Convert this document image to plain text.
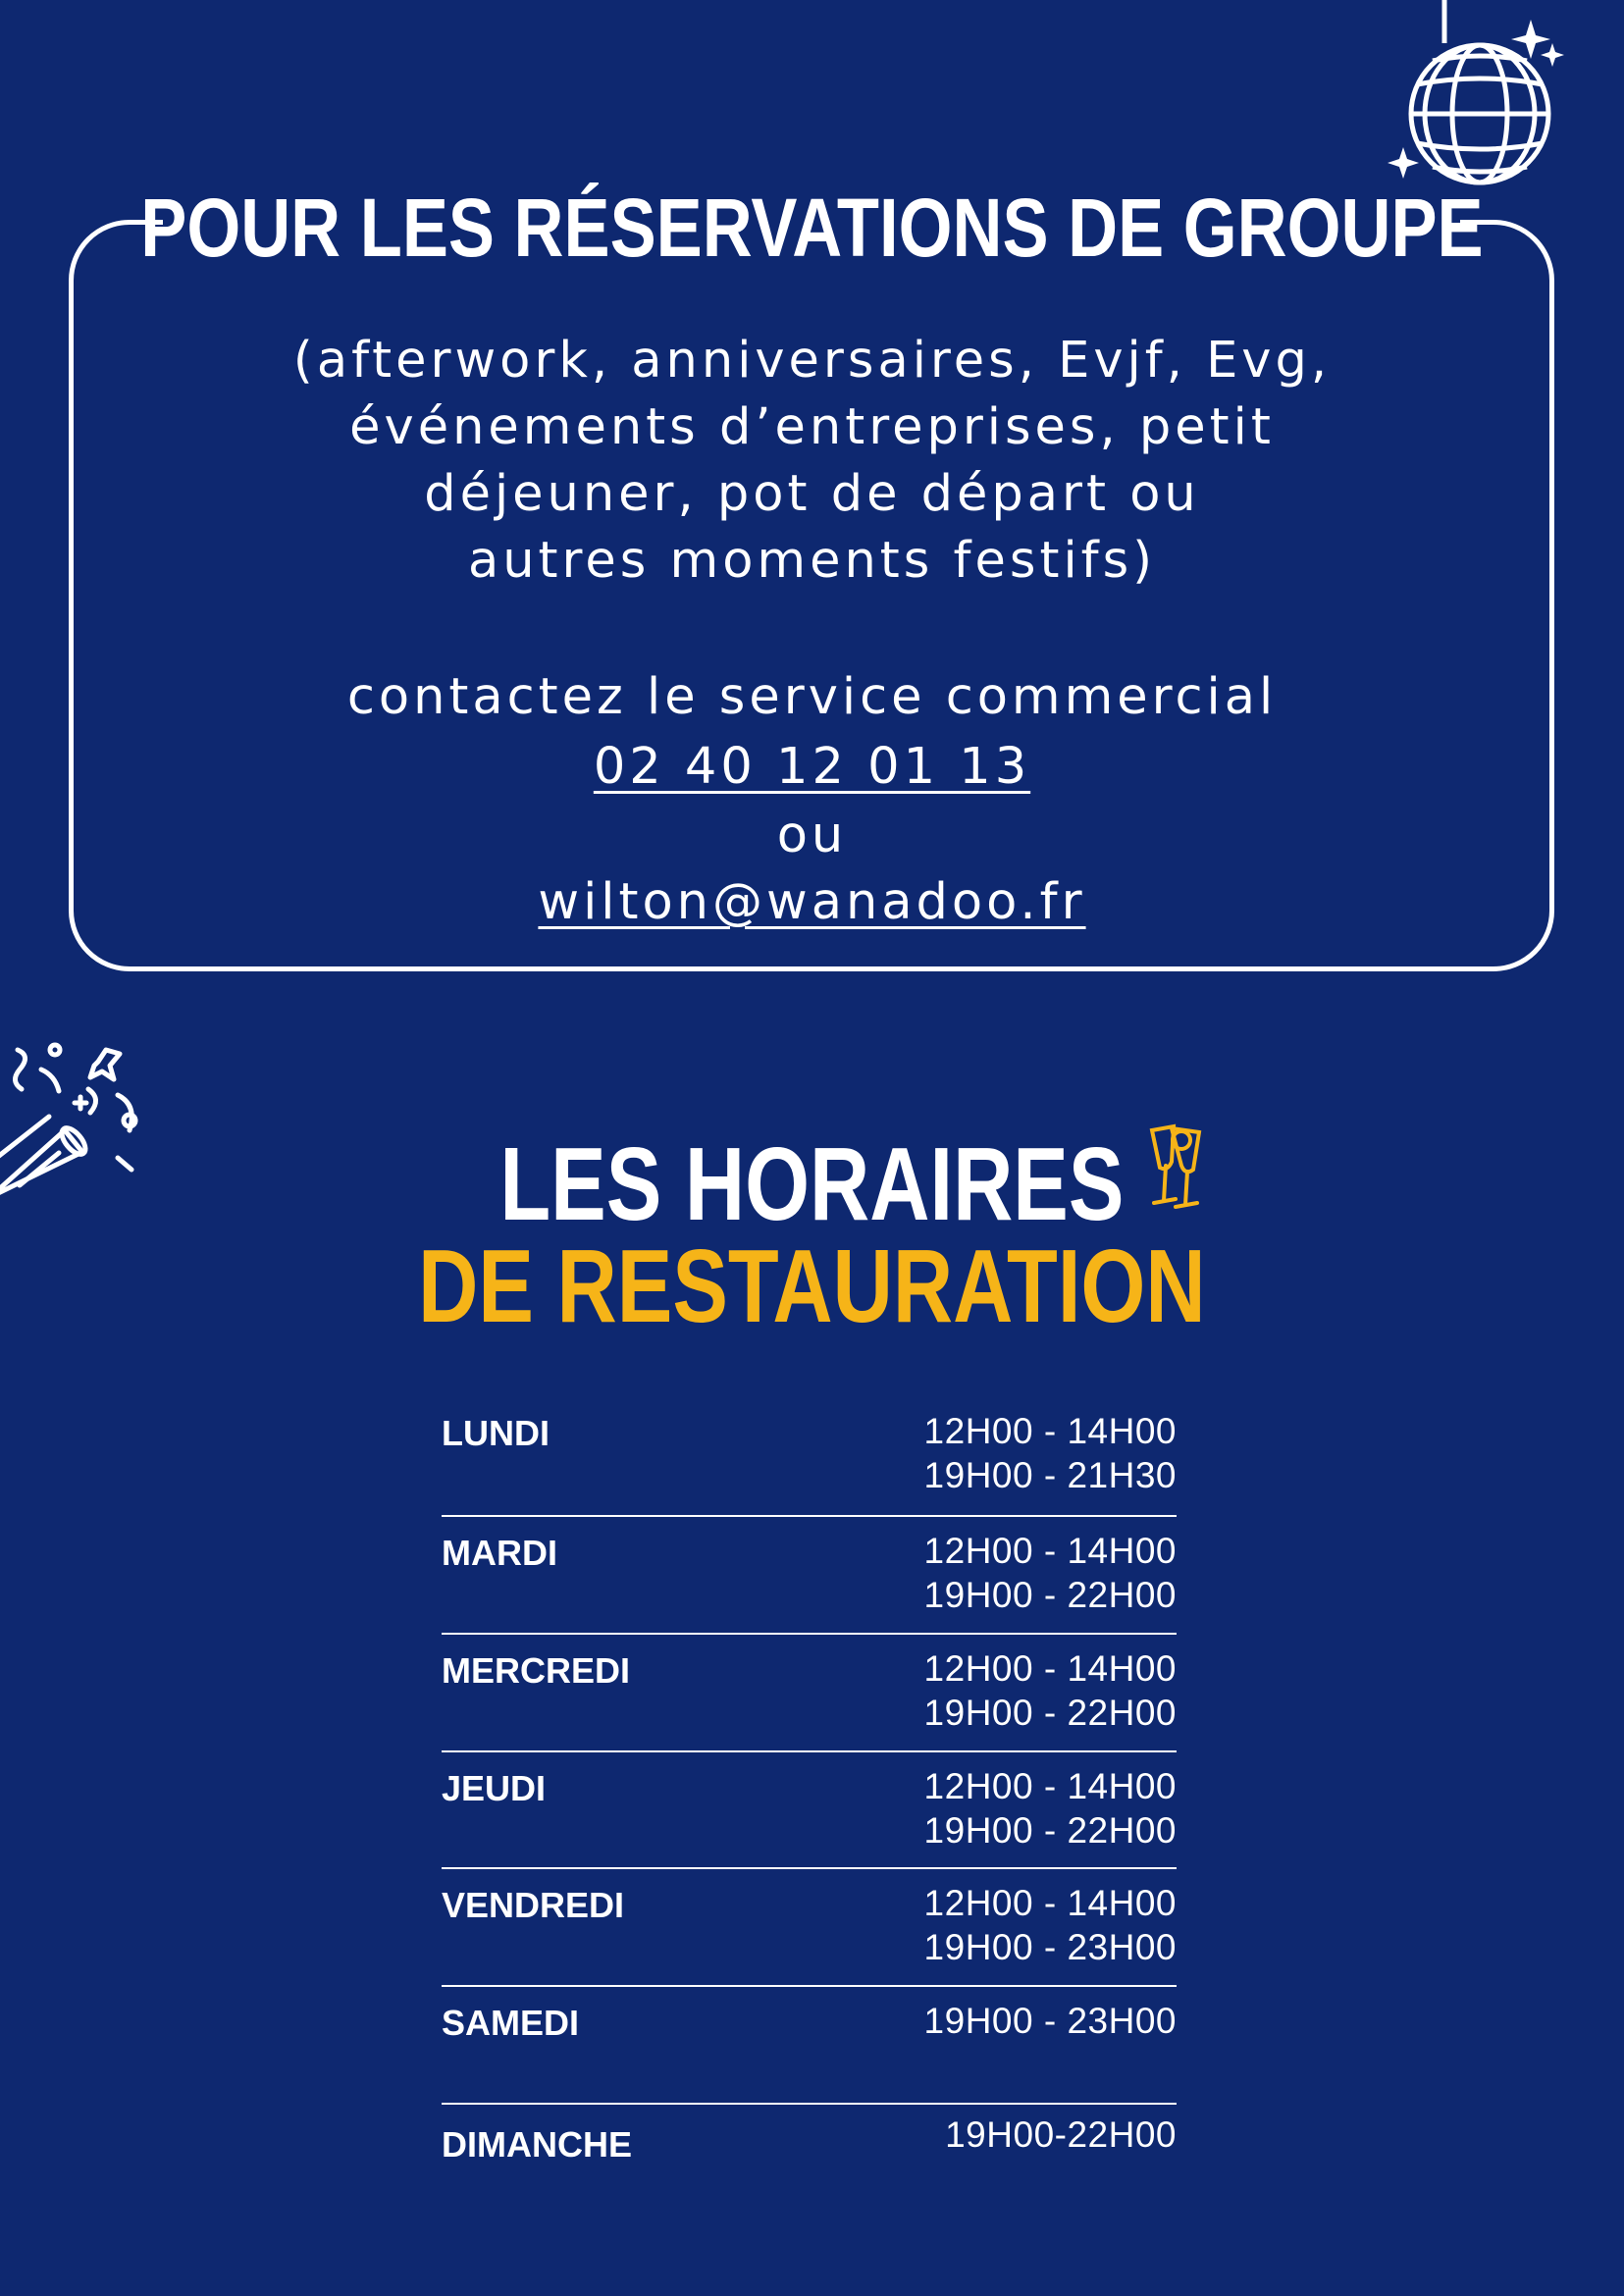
POUR LES RÉSERVATIONS DE GROUPE
(afterwork, anniversaires, Evjf, Evg,
événements d’entreprises, petit
déjeuner, pot de départ ou
autres moments festifs)
contactez le service commercial
02 40 12 01 13
ou
wilton@wanadoo.fr
LES HORAIRES
DE RESTAURATION
LUNDI	12H00 - 14H00
19H00 - 21H30
MARDI	12H00 - 14H00
19H00 - 22H00
MERCREDI	12H00 - 14H00
19H00 - 22H00
JEUDI	12H00 - 14H00
19H00 - 22H00
VENDREDI	12H00 - 14H00
19H00 - 23H00
SAMEDI	19H00 - 23H00
DIMANCHE	19H00-22H00
